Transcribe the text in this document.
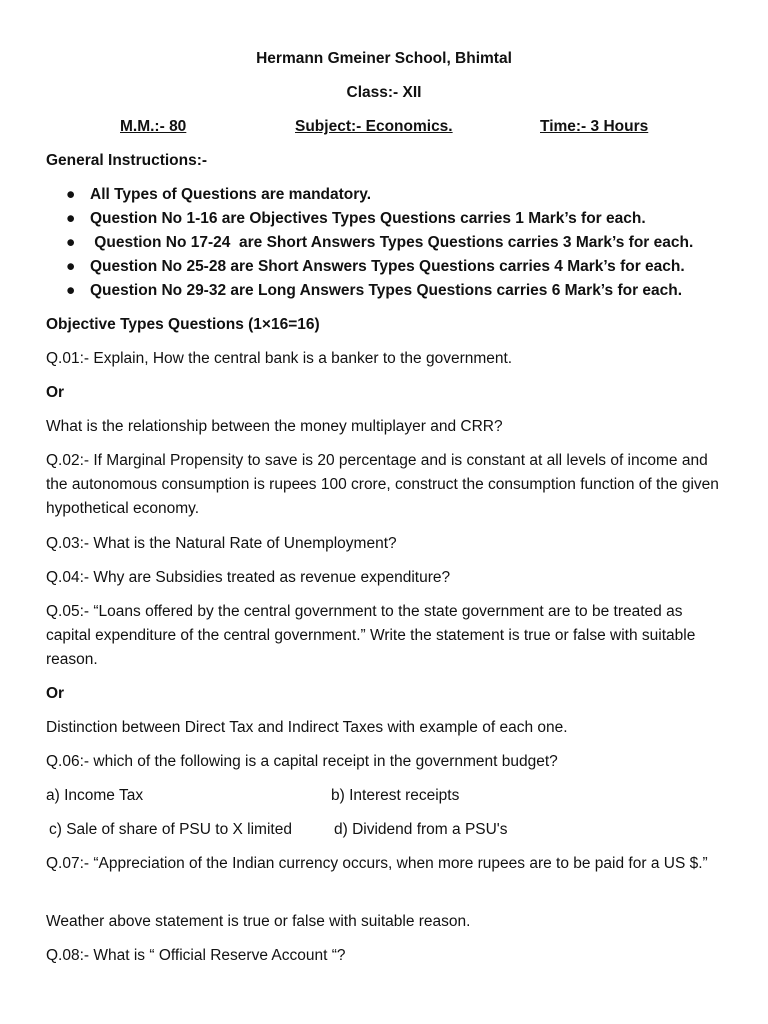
Hermann Gmeiner School, Bhimtal
Class:- XII
M.M.:- 80	Subject:- Economics.	Time:- 3 Hours
General Instructions:-
● All Types of Questions are mandatory.
● Question No 1-16 are Objectives Types Questions carries 1 Mark’s for each.
● Question No 17-24  are Short Answers Types Questions carries 3 Mark’s for each.
● Question No 25-28 are Short Answers Types Questions carries 4 Mark’s for each.
● Question No 29-32 are Long Answers Types Questions carries 6 Mark’s for each.
Objective Types Questions (1×16=16)
Q.01:- Explain, How the central bank is a banker to the government.
Or
What is the relationship between the money multiplayer and CRR?
Q.02:- If Marginal Propensity to save is 20 percentage and is constant at all levels of income and the autonomous consumption is rupees 100 crore, construct the consumption function of the given hypothetical economy.
Q.03:- What is the Natural Rate of Unemployment?
Q.04:- Why are Subsidies treated as revenue expenditure?
Q.05:- “Loans offered by the central government to the state government are to be treated as capital expenditure of the central government.” Write the statement is true or false with suitable reason.
Or
Distinction between Direct Tax and Indirect Taxes with example of each one.
Q.06:- which of the following is a capital receipt in the government budget?
a) Income Tax	b) Interest receipts
c) Sale of share of PSU to X limited	d) Dividend from a PSU's
Q.07:- “Appreciation of the Indian currency occurs, when more rupees are to be paid for a US $.”
Weather above statement is true or false with suitable reason.
Q.08:- What is “ Official Reserve Account “?
